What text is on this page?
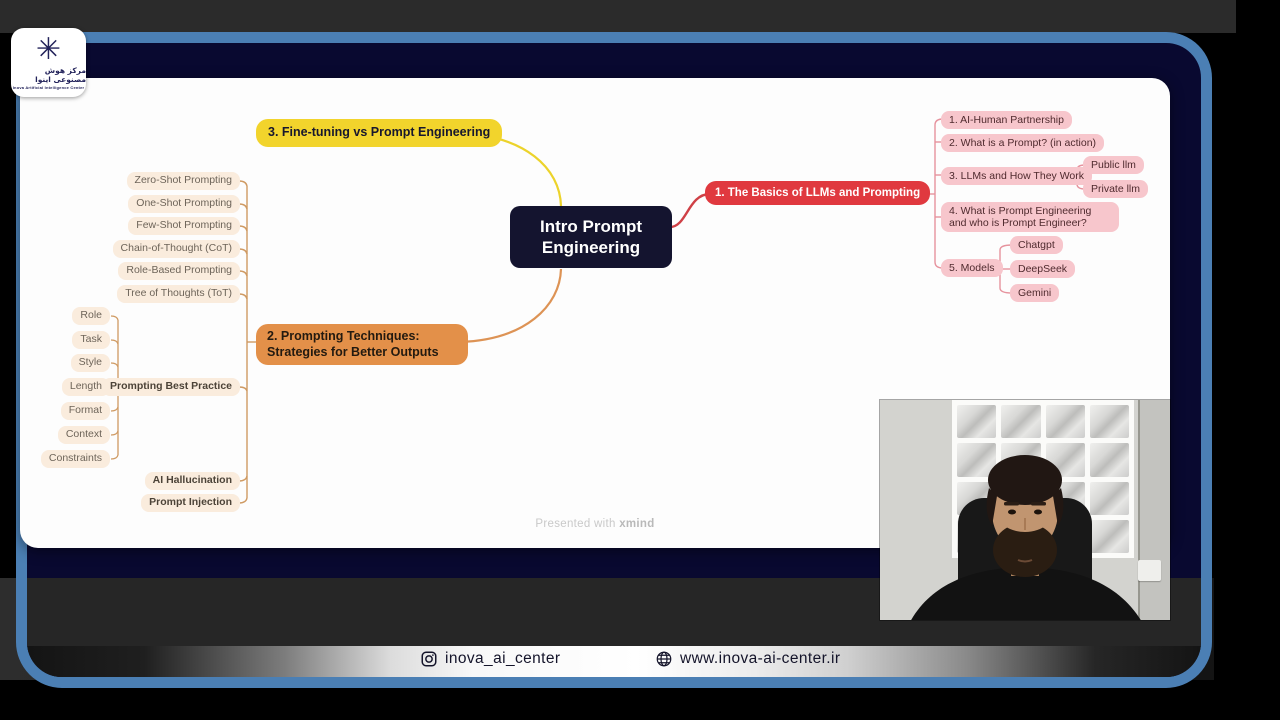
Intro Prompt Engineering
3. Fine-tuning vs Prompt Engineering
2. Prompting Techniques: Strategies for Better Outputs
1. The Basics of LLMs and Prompting
Zero-Shot Prompting
One-Shot Prompting
Few-Shot Prompting
Chain-of-Thought (CoT)
Role-Based Prompting
Tree of Thoughts (ToT)
Role
Task
Style
Length
Format
Context
Constraints
Prompting Best Practice
AI Hallucination
Prompt Injection
1. AI-Human Partnership
2. What is a Prompt? (in action)
3. LLMs and How They Work
Public llm
Private llm
4. What is Prompt Engineering and who is Prompt Engineer?
5. Models
Chatgpt
DeepSeek
Gemini
Presented with xmind
✳
مرکز هوش مصنوعی اینوا
Inova Artificial Intelligence Center
inova_ai_center	www.inova-ai-center.ir
